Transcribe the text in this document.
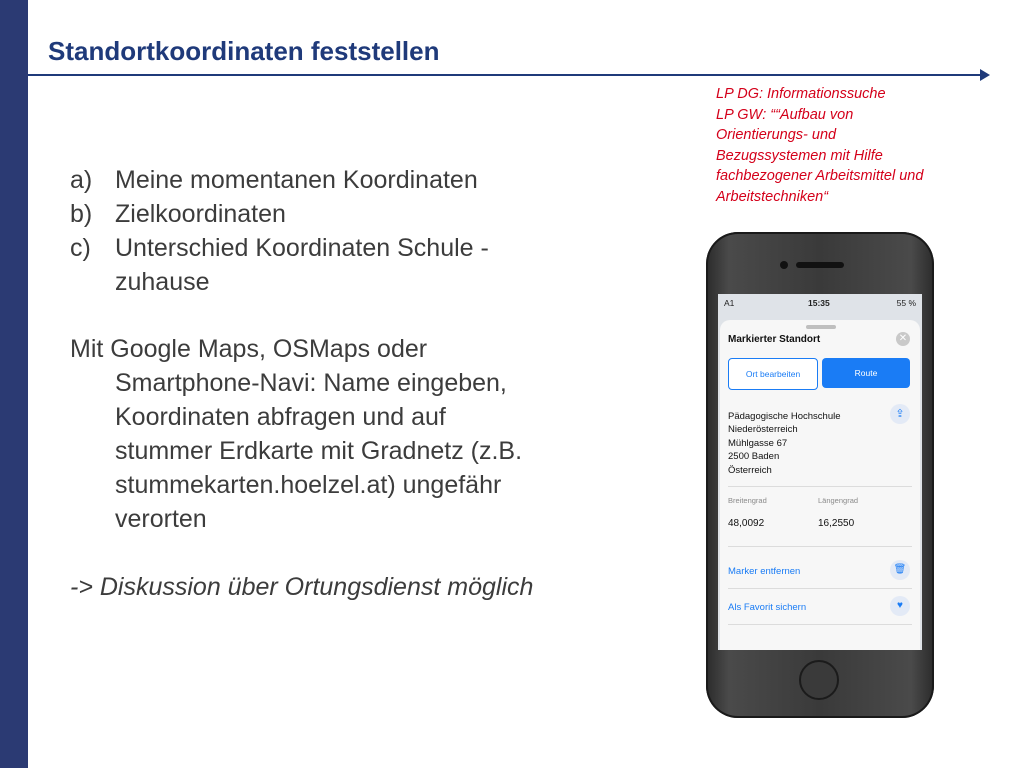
Standortkoordinaten feststellen
LP DG: Informationssuche
LP GW: ““Aufbau von
Orientierungs- und
Bezugssystemen mit Hilfe
fachbezogener Arbeitsmittel und
Arbeitstechniken“
a) Meine momentanen Koordinaten
b) Zielkoordinaten
c) Unterschied Koordinaten Schule - zuhause
Mit Google Maps, OSMaps oder Smartphone-Navi: Name eingeben, Koordinaten abfragen und auf stummer Erdkarte mit Gradnetz (z.B. stummekarten.hoelzel.at) ungefähr verorten
-> Diskussion über Ortungsdienst möglich
A1	15:35	55 %
Markierter Standort	✕
Ort bearbeiten	Route
Pädagogische Hochschule
Niederösterreich
Mühlgasse 67
2500 Baden
Österreich
⇪
Breitengrad	Längengrad
48,0092	16,2550
Marker entfernen	🗑
Als Favorit sichern	♥
